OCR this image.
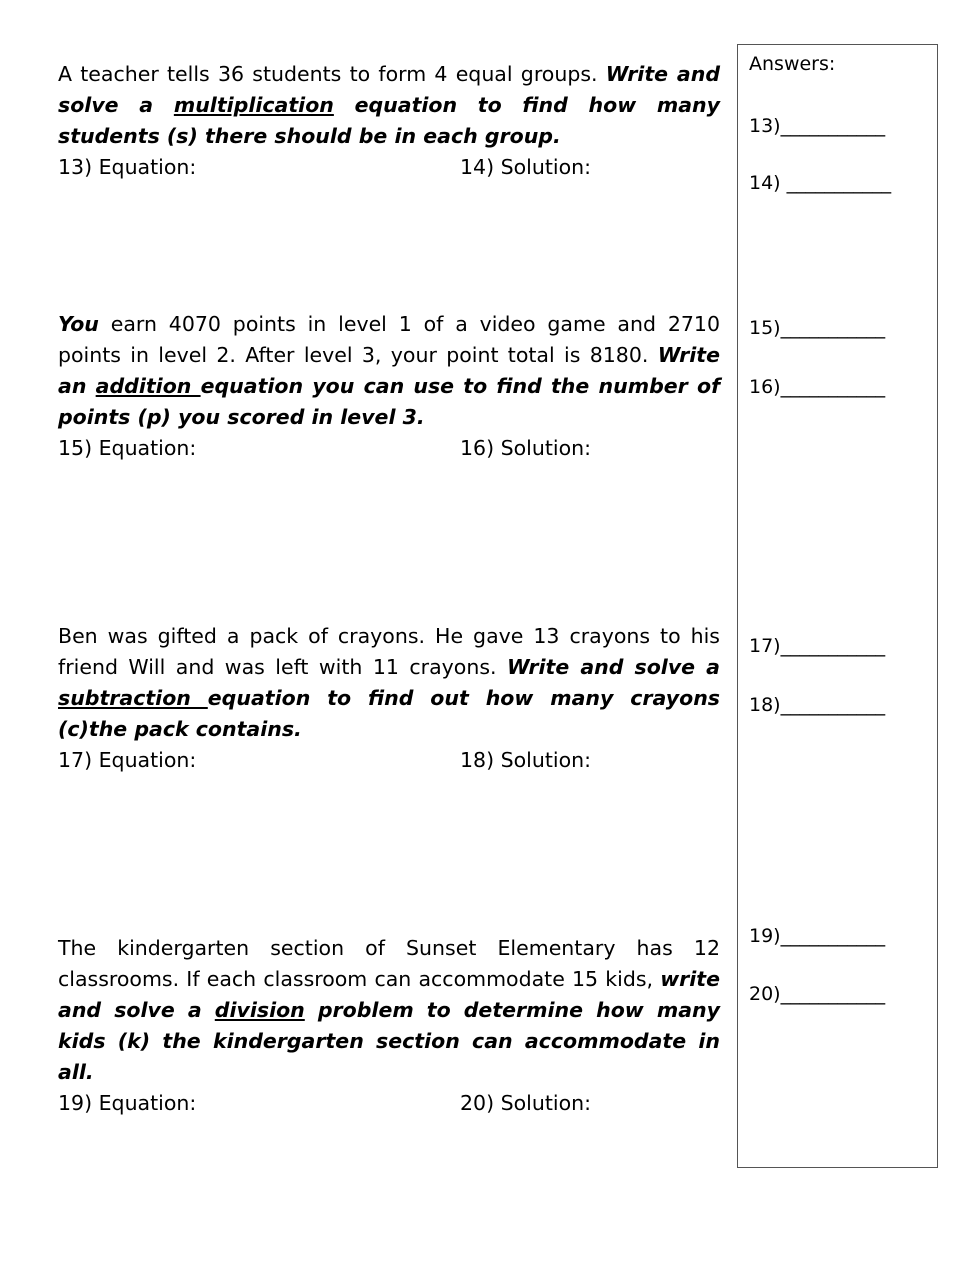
A teacher tells 36 students to form 4 equal groups. Write and solve a multiplication equation to find how many students (s) there should be in each group.

13) Equation:	14) Solution:

You earn 4070 points in level 1 of a video game and 2710 points in level 2. After level 3, your point total is 8180. Write an addition equation you can use to find the number of points (p) you scored in level 3.

15) Equation:	16) Solution:

Ben was gifted a pack of crayons. He gave 13 crayons to his friend Will and was left with 11 crayons. Write and solve a subtraction equation to find out how many crayons (c)the pack contains.

17) Equation:	18) Solution:

The kindergarten section of Sunset Elementary has 12 classrooms. If each classroom can accommodate 15 kids, write and solve a division problem to determine how many kids (k) the kindergarten section can accommodate in all.

19) Equation:	20) Solution:
Answers:
13)___________
14) ___________
15)___________
16)___________
17)___________
18)___________
19)___________
20)___________
